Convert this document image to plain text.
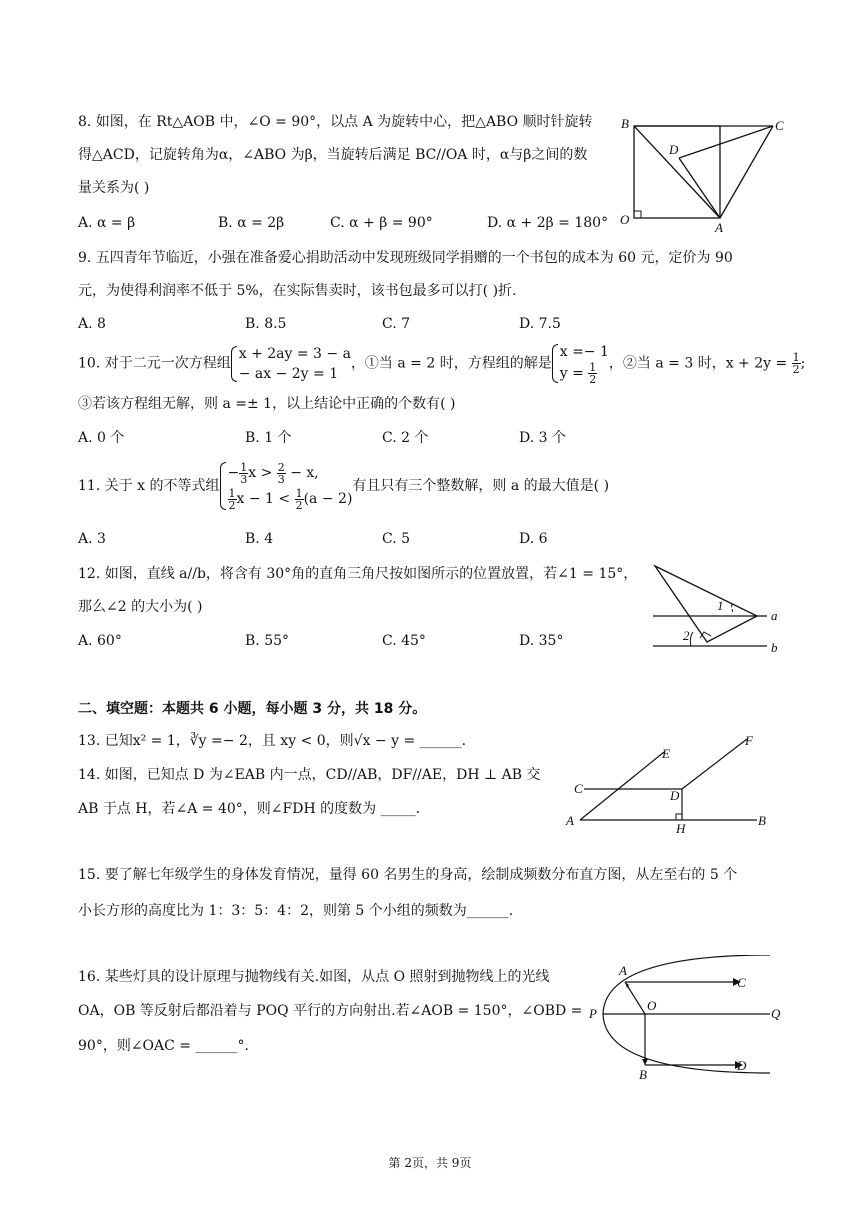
8. 如图，在 Rt△AOB 中，∠O = 90°，以点 A 为旋转中心，把△ABO 顺时针旋转
得△ACD，记旋转角为α，∠ABO 为β，当旋转后满足 BC//OA 时，α与β之间的数
量关系为( )
A. α = β	B. α = 2β	C. α + β = 90°	D. α + 2β = 180°
B	C
D
O
A
9. 五四青年节临近，小强在准备爱心捐助活动中发现班级同学捐赠的一个书包的成本为 60 元，定价为 90
元，为使得利润率不低于 5%，在实际售卖时，该书包最多可以打( )折.
A. 8	B. 8.5	C. 7	D. 7.5
10. 对于二元一次方程组
x + 2ay = 3 − a
− ax − 2y = 1
，①当 a = 2 时，方程组的解是
x =− 1
$y = \frac{1}{2}$ ，②当 a = 3 时，$x + 2y = \frac{1}{2}$ ;
③若该方程组无解，则 a =± 1，以上结论中正确的个数有( )
A. 0 个	B. 1 个	C. 2 个	D. 3 个
11. 关于 x 的不等式组
− $\frac{1}{3}$ $x > \frac{2}{3} - x$,
$\frac{1}{2}$ $x - 1 < \frac{1}{2} (a - 2)$
有且只有三个整数解，则 a 的最大值是( )
A. 3	B. 4	C. 5	D. 6
12. 如图，直线 a//b，将含有 30°角的直角三角尺按如图所示的位置放置，若∠1 = 15°，
那么∠2 的大小为( )
A. 60°	B. 55°	C. 45°	D. 35°
1
2
a
b
二、填空题：本题共 6 小题，每小题 3 分，共 18 分。
13. 已知x² = 1，∛y =− 2，且 xy < 0，则√x − y = ______.
14. 如图，已知点 D 为∠EAB 内一点，CD//AB，DF//AE，DH ⊥ AB 交
AB 于点 H，若∠A = 40°，则∠FDH 的度数为 _____.
E
F
C	D
A
H
B
15. 要了解七年级学生的身体发育情况，量得 60 名男生的身高，绘制成频数分布直方图，从左至右的 5 个
小长方形的高度比为 1：3：5：4：2，则第 5 个小组的频数为______.
16. 某些灯具的设计原理与抛物线有关.如图，从点 O 照射到抛物线上的光线
OA，OB 等反射后都沿着与 POQ 平行的方向射出.若∠AOB = 150°，∠OBD =
90°，则∠OAC = ______°.
A
C
P
O
Q
B
D
第 2页，共 9页
